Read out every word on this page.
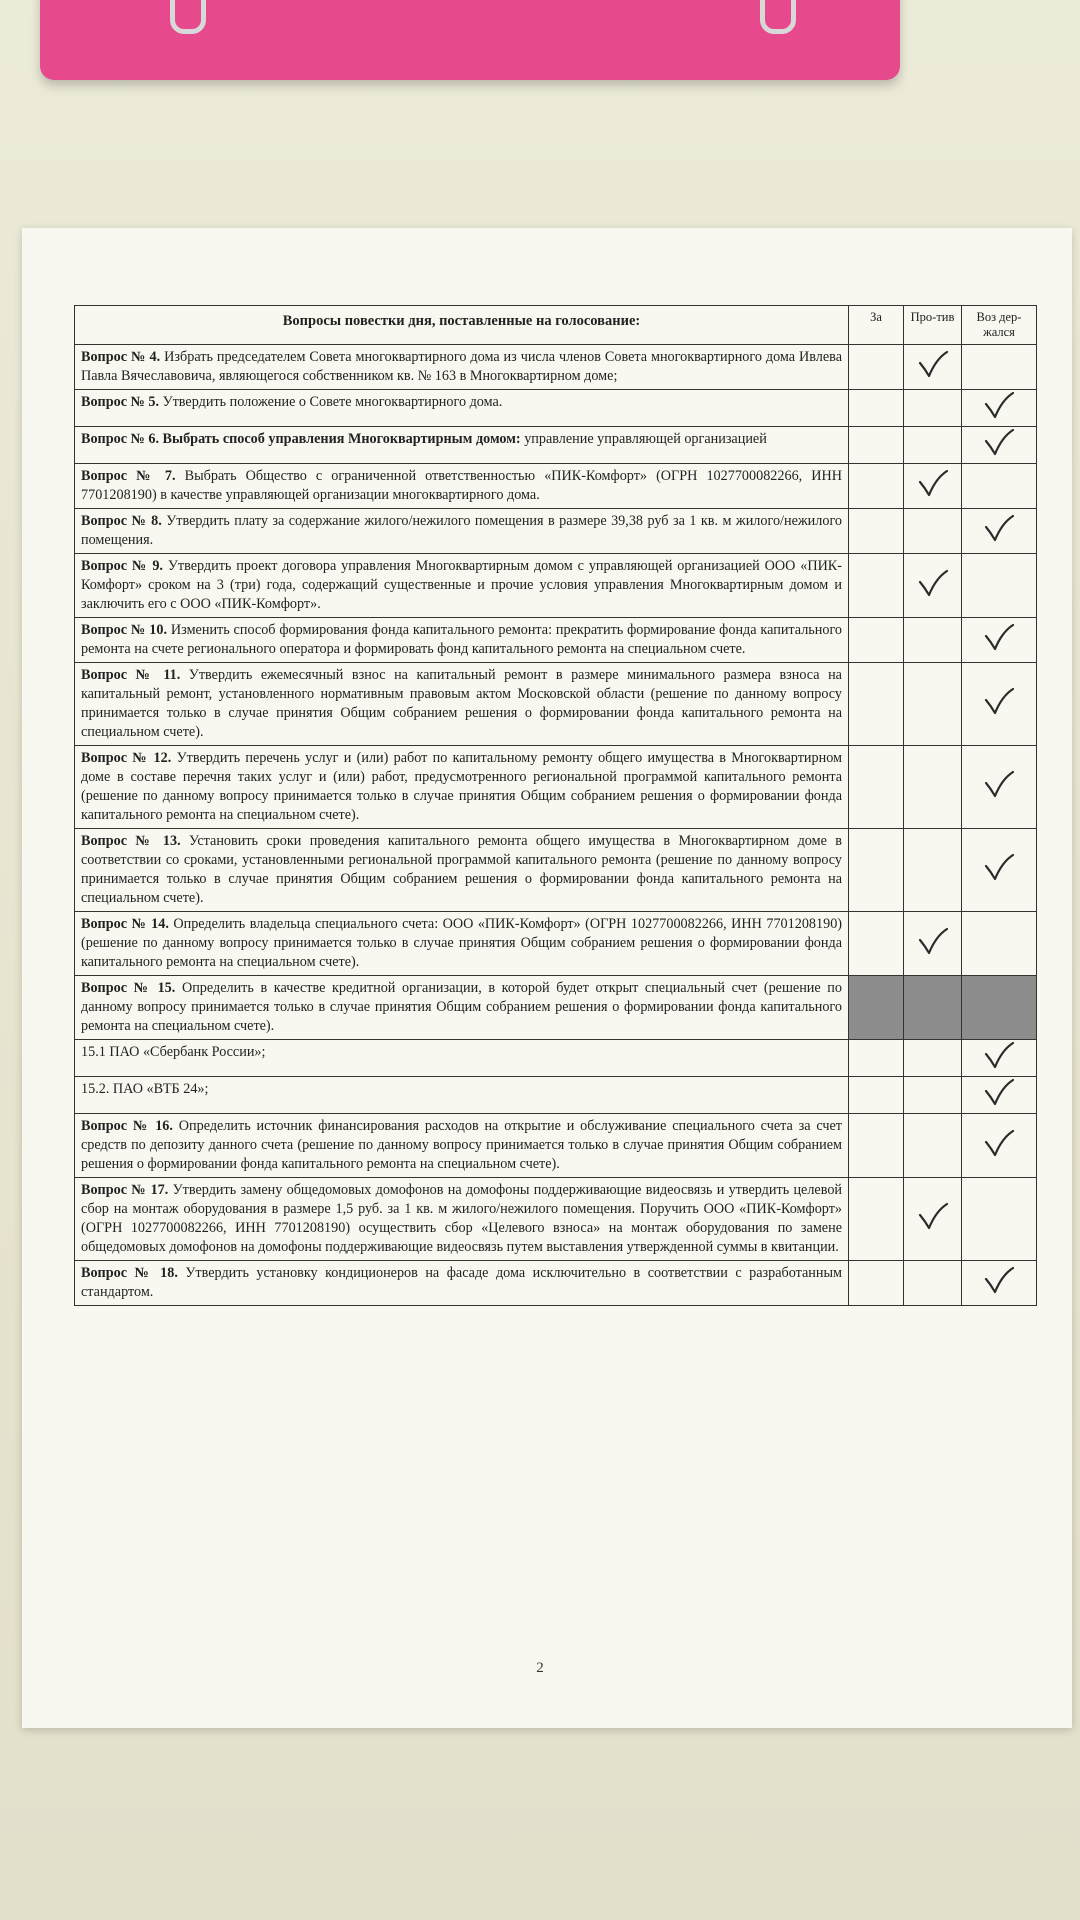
Вопросы повестки дня, поставленные на голосование:	За	Про-тив	Воз дер-жался
Вопрос № 4. Избрать председателем Совета многоквартирного дома из числа членов Совета многоквартирного дома Ивлева Павла Вячеславовича, являющегося собственником кв. № 163 в Многоквартирном доме;			
Вопрос № 5. Утвердить положение о Совете многоквартирного дома.			
Вопрос № 6. Выбрать способ управления Многоквартирным домом: управление управляющей организацией			
Вопрос № 7. Выбрать Общество с ограниченной ответственностью «ПИК-Комфорт» (ОГРН 1027700082266, ИНН 7701208190) в качестве управляющей организации многоквартирного дома.			
Вопрос № 8. Утвердить плату за содержание жилого/нежилого помещения в размере 39,38 руб за 1 кв. м жилого/нежилого помещения.			
Вопрос № 9. Утвердить проект договора управления Многоквартирным домом с управляющей организацией ООО «ПИК-Комфорт» сроком на 3 (три) года, содержащий существенные и прочие условия управления Многоквартирным домом и заключить его с ООО «ПИК-Комфорт».			
Вопрос № 10. Изменить способ формирования фонда капитального ремонта: прекратить формирование фонда капитального ремонта на счете регионального оператора и формировать фонд капитального ремонта на специальном счете.			
Вопрос № 11. Утвердить ежемесячный взнос на капитальный ремонт в размере минимального размера взноса на капитальный ремонт, установленного нормативным правовым актом Московской области (решение по данному вопросу принимается только в случае принятия Общим собранием решения о формировании фонда капитального ремонта на специальном счете).			
Вопрос № 12. Утвердить перечень услуг и (или) работ по капитальному ремонту общего имущества в Многоквартирном доме в составе перечня таких услуг и (или) работ, предусмотренного региональной программой капитального ремонта (решение по данному вопросу принимается только в случае принятия Общим собранием решения о формировании фонда капитального ремонта на специальном счете).			
Вопрос № 13. Установить сроки проведения капитального ремонта общего имущества в Многоквартирном доме в соответствии со сроками, установленными региональной программой капитального ремонта (решение по данному вопросу принимается только в случае принятия Общим собранием решения о формировании фонда капитального ремонта на специальном счете).			
Вопрос № 14. Определить владельца специального счета: ООО «ПИК-Комфорт» (ОГРН 1027700082266, ИНН 7701208190) (решение по данному вопросу принимается только в случае принятия Общим собранием решения о формировании фонда капитального ремонта на специальном счете).			
Вопрос № 15. Определить в качестве кредитной организации, в которой будет открыт специальный счет (решение по данному вопросу принимается только в случае принятия Общим собранием решения о формировании фонда капитального ремонта на специальном счете).			
15.1 ПАО «Сбербанк России»;			
15.2. ПАО «ВТБ 24»;			
Вопрос № 16. Определить источник финансирования расходов на открытие и обслуживание специального счета за счет средств по депозиту данного счета (решение по данному вопросу принимается только в случае принятия Общим собранием решения о формировании фонда капитального ремонта на специальном счете).			
Вопрос № 17. Утвердить замену общедомовых домофонов на домофоны поддерживающие видеосвязь и утвердить целевой сбор на монтаж оборудования в размере 1,5 руб. за 1 кв. м жилого/нежилого помещения. Поручить ООО «ПИК-Комфорт» (ОГРН 1027700082266, ИНН 7701208190) осуществить сбор «Целевого взноса» на монтаж оборудования по замене общедомовых домофонов на домофоны поддерживающие видеосвязь путем выставления утвержденной суммы в квитанции.			
Вопрос № 18. Утвердить установку кондиционеров на фасаде дома исключительно в соответствии с разработанным стандартом.			
2
